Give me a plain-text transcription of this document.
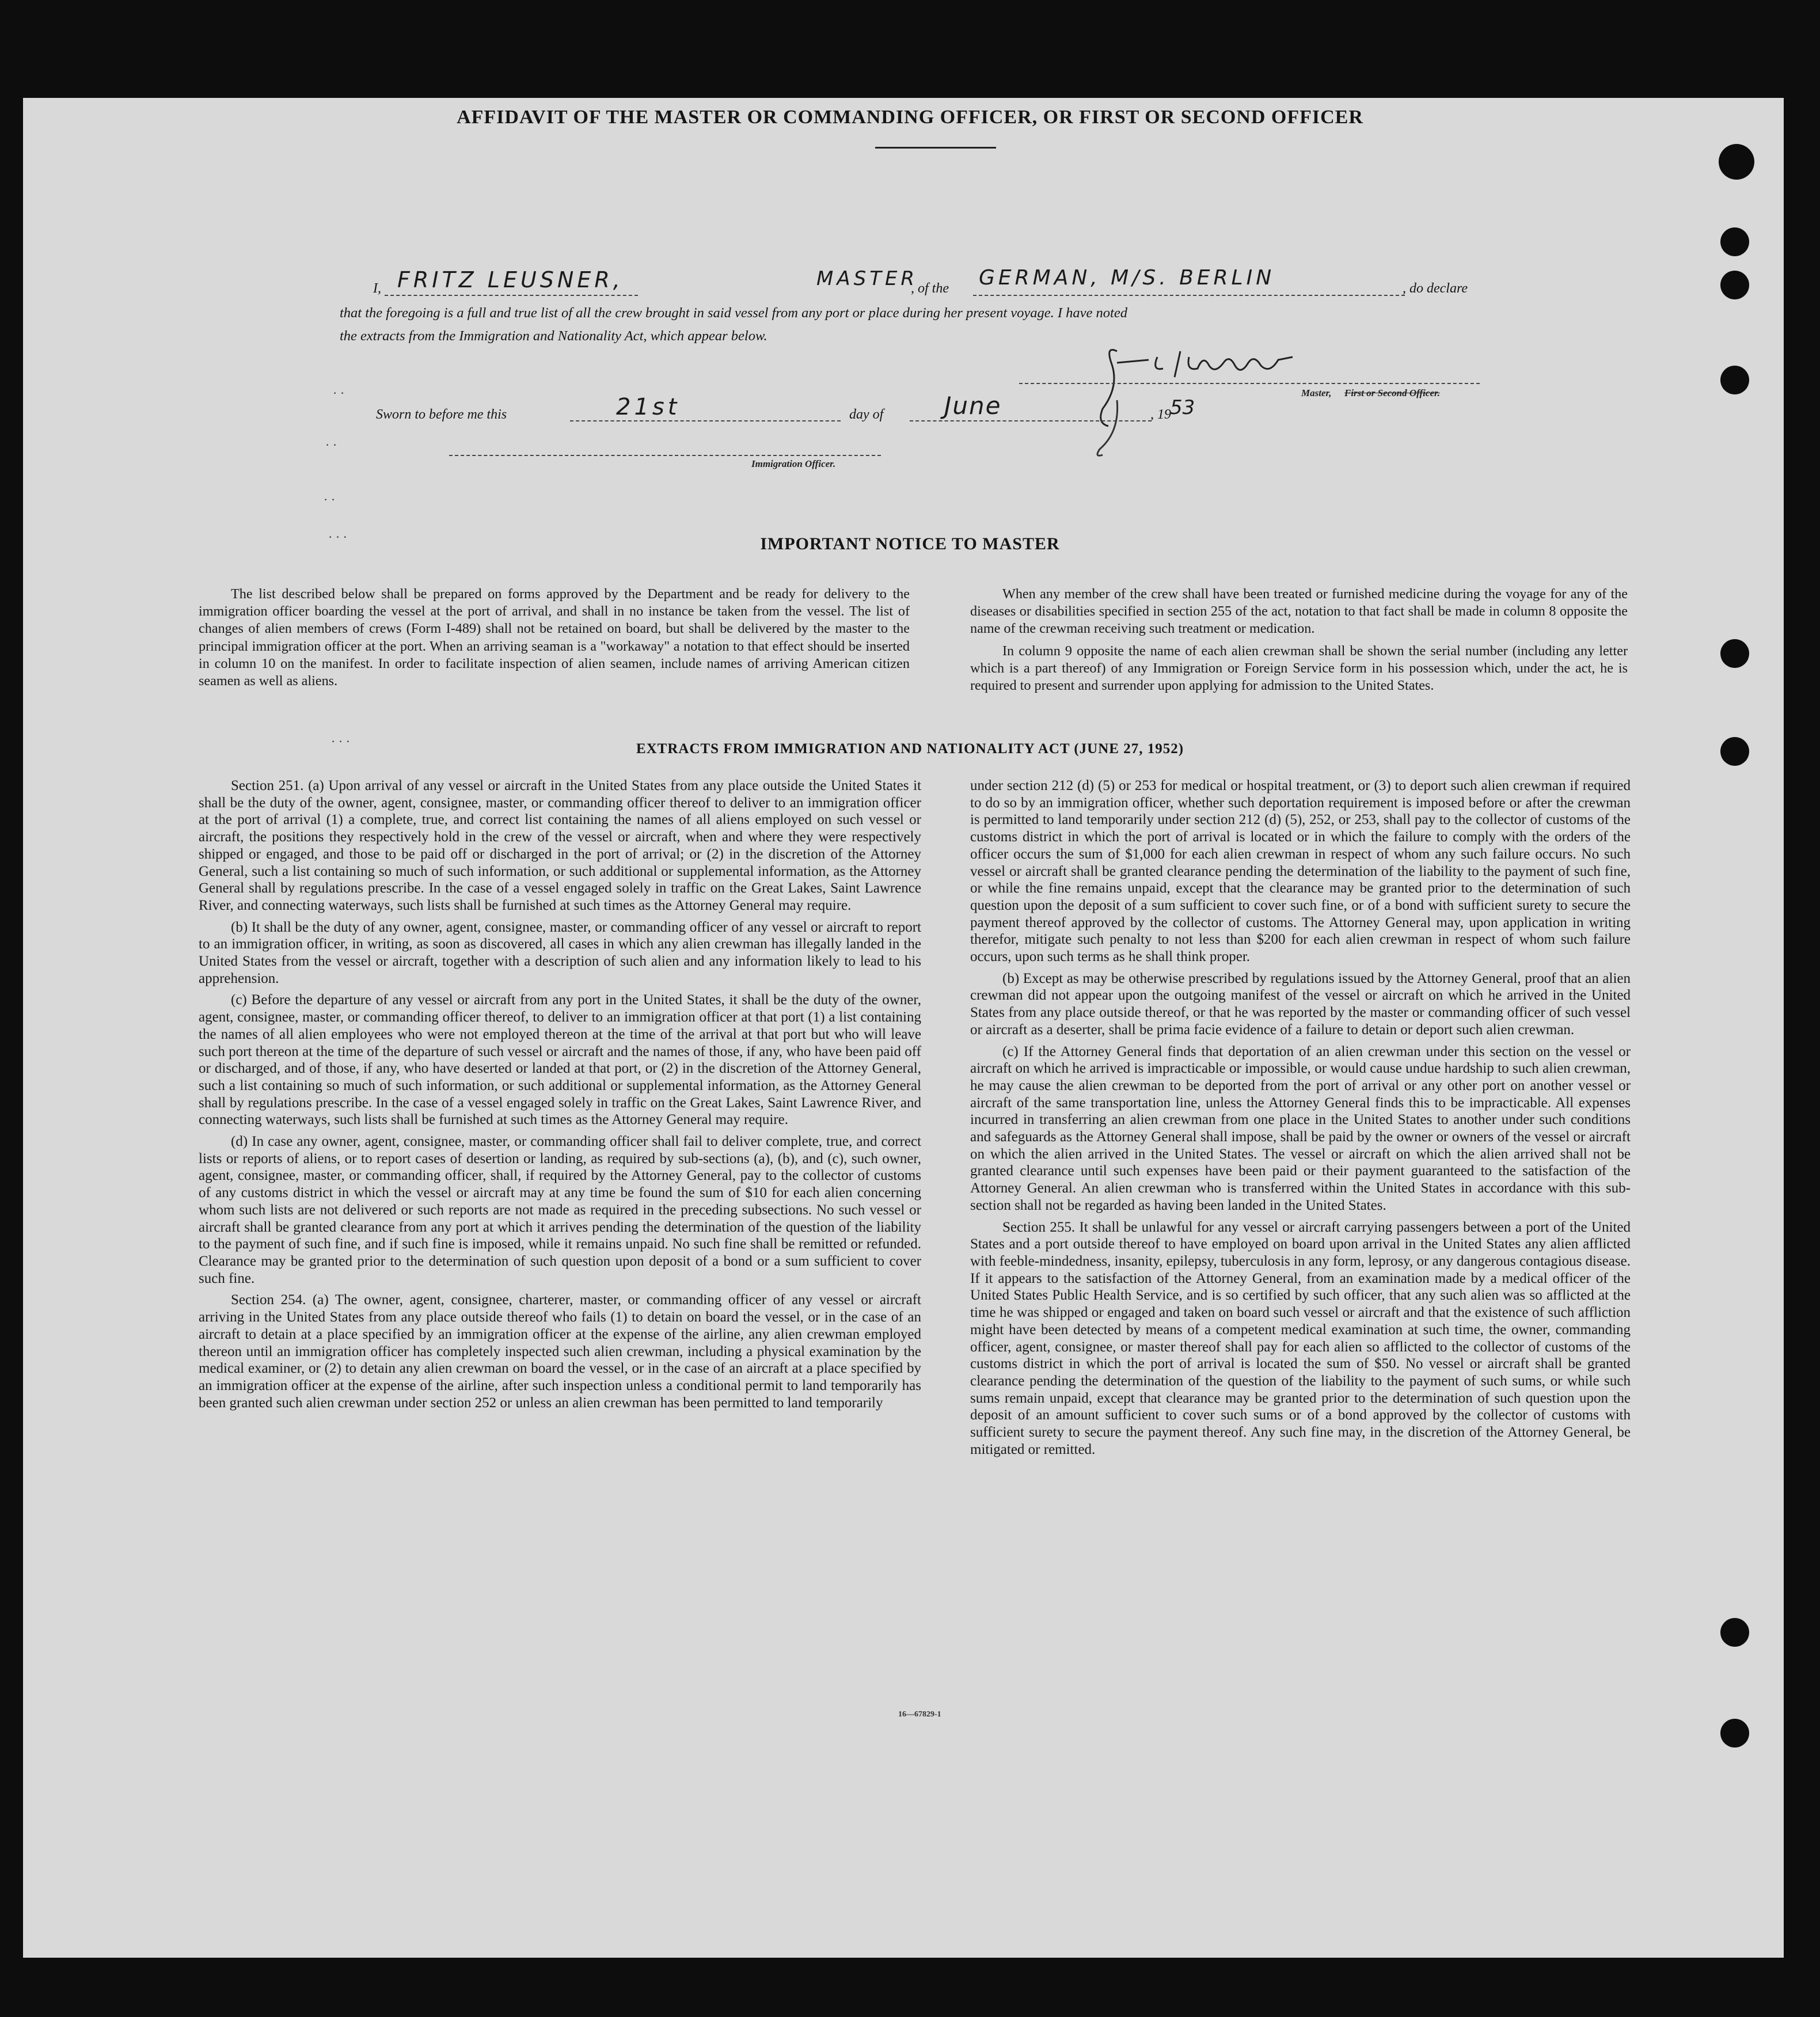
AFFIDAVIT OF THE MASTER OR COMMANDING OFFICER, OR FIRST OR SECOND OFFICER
I, FRITZ LEUSNER,	MASTER
, of the GERMAN, M/S. BERLIN	, do declare
that the foregoing is a full and true list of all the crew brought in said vessel from any port or place during her present voyage. I have noted
the extracts from the Immigration and Nationality Act, which appear below.
Master, First or Second Officer.
Sworn to before me this	21st	day of	June	, 19
53
Immigration Officer.
· ·
· ·
· ·
· · ·
· · ·
IMPORTANT NOTICE TO MASTER

The list described below shall be prepared on forms approved by the Department and be ready for delivery to the immigration officer boarding the vessel at the port of arrival, and shall in no instance be taken from the vessel. The list of changes of alien members of crews (Form I-489) shall not be retained on board, but shall be delivered by the master to the principal immigration officer at the port. When an arriving seaman is a "workaway" a notation to that effect should be inserted in column 10 on the manifest. In order to facilitate inspection of alien seamen, include names of arriving American citizen seamen as well as aliens.

When any member of the crew shall have been treated or furnished medicine during the voyage for any of the diseases or disabilities specified in section 255 of the act, notation to that fact shall be made in column 8 opposite the name of the crewman receiving such treatment or medication.

In column 9 opposite the name of each alien crewman shall be shown the serial number (including any letter which is a part thereof) of any Immigration or Foreign Service form in his possession which, under the act, he is required to present and surrender upon applying for admission to the United States.

EXTRACTS FROM IMMIGRATION AND NATIONALITY ACT (JUNE 27, 1952)

Section 251. (a) Upon arrival of any vessel or aircraft in the United States from any place outside the United States it shall be the duty of the owner, agent, consignee, master, or commanding officer thereof to deliver to an immigration officer at the port of arrival (1) a complete, true, and correct list containing the names of all aliens employed on such vessel or aircraft, the positions they respectively hold in the crew of the vessel or aircraft, when and where they were respectively shipped or engaged, and those to be paid off or discharged in the port of arrival; or (2) in the discretion of the Attorney General, such a list containing so much of such information, or such additional or supplemental information, as the Attorney General shall by regulations prescribe. In the case of a vessel engaged solely in traffic on the Great Lakes, Saint Lawrence River, and connecting waterways, such lists shall be furnished at such times as the Attorney General may require.

(b) It shall be the duty of any owner, agent, consignee, master, or commanding officer of any vessel or aircraft to report to an immigration officer, in writing, as soon as discovered, all cases in which any alien crewman has illegally landed in the United States from the vessel or aircraft, together with a description of such alien and any information likely to lead to his apprehension.

(c) Before the departure of any vessel or aircraft from any port in the United States, it shall be the duty of the owner, agent, consignee, master, or commanding officer thereof, to deliver to an immigration officer at that port (1) a list containing the names of all alien employees who were not employed thereon at the time of the arrival at that port but who will leave such port thereon at the time of the departure of such vessel or aircraft and the names of those, if any, who have been paid off or discharged, and of those, if any, who have deserted or landed at that port, or (2) in the discretion of the Attorney General, such a list containing so much of such information, or such additional or supplemental information, as the Attorney General shall by regulations prescribe. In the case of a vessel engaged solely in traffic on the Great Lakes, Saint Lawrence River, and connecting waterways, such lists shall be furnished at such times as the Attorney General may require.

(d) In case any owner, agent, consignee, master, or commanding officer shall fail to deliver complete, true, and correct lists or reports of aliens, or to report cases of desertion or landing, as required by sub-sections (a), (b), and (c), such owner, agent, consignee, master, or commanding officer, shall, if required by the Attorney General, pay to the collector of customs of any customs district in which the vessel or aircraft may at any time be found the sum of $10 for each alien concerning whom such lists are not delivered or such reports are not made as required in the preceding subsections. No such vessel or aircraft shall be granted clearance from any port at which it arrives pending the determination of the question of the liability to the payment of such fine, and if such fine is imposed, while it remains unpaid. No such fine shall be remitted or refunded. Clearance may be granted prior to the determination of such question upon deposit of a bond or a sum sufficient to cover such fine.

Section 254. (a) The owner, agent, consignee, charterer, master, or commanding officer of any vessel or aircraft arriving in the United States from any place outside thereof who fails (1) to detain on board the vessel, or in the case of an aircraft to detain at a place specified by an immigration officer at the expense of the airline, any alien crewman employed thereon until an immigration officer has completely inspected such alien crewman, including a physical examination by the medical examiner, or (2) to detain any alien crewman on board the vessel, or in the case of an aircraft at a place specified by an immigration officer at the expense of the airline, after such inspection unless a conditional permit to land temporarily has been granted such alien crewman under section 252 or unless an alien crewman has been permitted to land temporarily

under section 212 (d) (5) or 253 for medical or hospital treatment, or (3) to deport such alien crewman if required to do so by an immigration officer, whether such deportation requirement is imposed before or after the crewman is permitted to land temporarily under section 212 (d) (5), 252, or 253, shall pay to the collector of customs of the customs district in which the port of arrival is located or in which the failure to comply with the orders of the officer occurs the sum of $1,000 for each alien crewman in respect of whom any such failure occurs. No such vessel or aircraft shall be granted clearance pending the determination of the liability to the payment of such fine, or while the fine remains unpaid, except that the clearance may be granted prior to the determination of such question upon the deposit of a sum sufficient to cover such fine, or of a bond with sufficient surety to secure the payment thereof approved by the collector of customs. The Attorney General may, upon application in writing therefor, mitigate such penalty to not less than $200 for each alien crewman in respect of whom such failure occurs, upon such terms as he shall think proper.

(b) Except as may be otherwise prescribed by regulations issued by the Attorney General, proof that an alien crewman did not appear upon the outgoing manifest of the vessel or aircraft on which he arrived in the United States from any place outside thereof, or that he was reported by the master or commanding officer of such vessel or aircraft as a deserter, shall be prima facie evidence of a failure to detain or deport such alien crewman.

(c) If the Attorney General finds that deportation of an alien crewman under this section on the vessel or aircraft on which he arrived is impracticable or impossible, or would cause undue hardship to such alien crewman, he may cause the alien crewman to be deported from the port of arrival or any other port on another vessel or aircraft of the same transportation line, unless the Attorney General finds this to be impracticable. All expenses incurred in transferring an alien crewman from one place in the United States to another under such conditions and safeguards as the Attorney General shall impose, shall be paid by the owner or owners of the vessel or aircraft on which the alien arrived in the United States. The vessel or aircraft on which the alien arrived shall not be granted clearance until such expenses have been paid or their payment guaranteed to the satisfaction of the Attorney General. An alien crewman who is transferred within the United States in accordance with this sub-section shall not be regarded as having been landed in the United States.

Section 255. It shall be unlawful for any vessel or aircraft carrying passengers between a port of the United States and a port outside thereof to have employed on board upon arrival in the United States any alien afflicted with feeble-mindedness, insanity, epilepsy, tuberculosis in any form, leprosy, or any dangerous contagious disease. If it appears to the satisfaction of the Attorney General, from an examination made by a medical officer of the United States Public Health Service, and is so certified by such officer, that any such alien was so afflicted at the time he was shipped or engaged and taken on board such vessel or aircraft and that the existence of such affliction might have been detected by means of a competent medical examination at such time, the owner, commanding officer, agent, consignee, or master thereof shall pay for each alien so afflicted to the collector of customs of the customs district in which the port of arrival is located the sum of $50. No vessel or aircraft shall be granted clearance pending the determination of the question of the liability to the payment of such sums, or while such sums remain unpaid, except that clearance may be granted prior to the determination of such question upon the deposit of an amount sufficient to cover such sums or of a bond approved by the collector of customs with sufficient surety to secure the payment thereof. Any such fine may, in the discretion of the Attorney General, be mitigated or remitted.

16—67829-1
